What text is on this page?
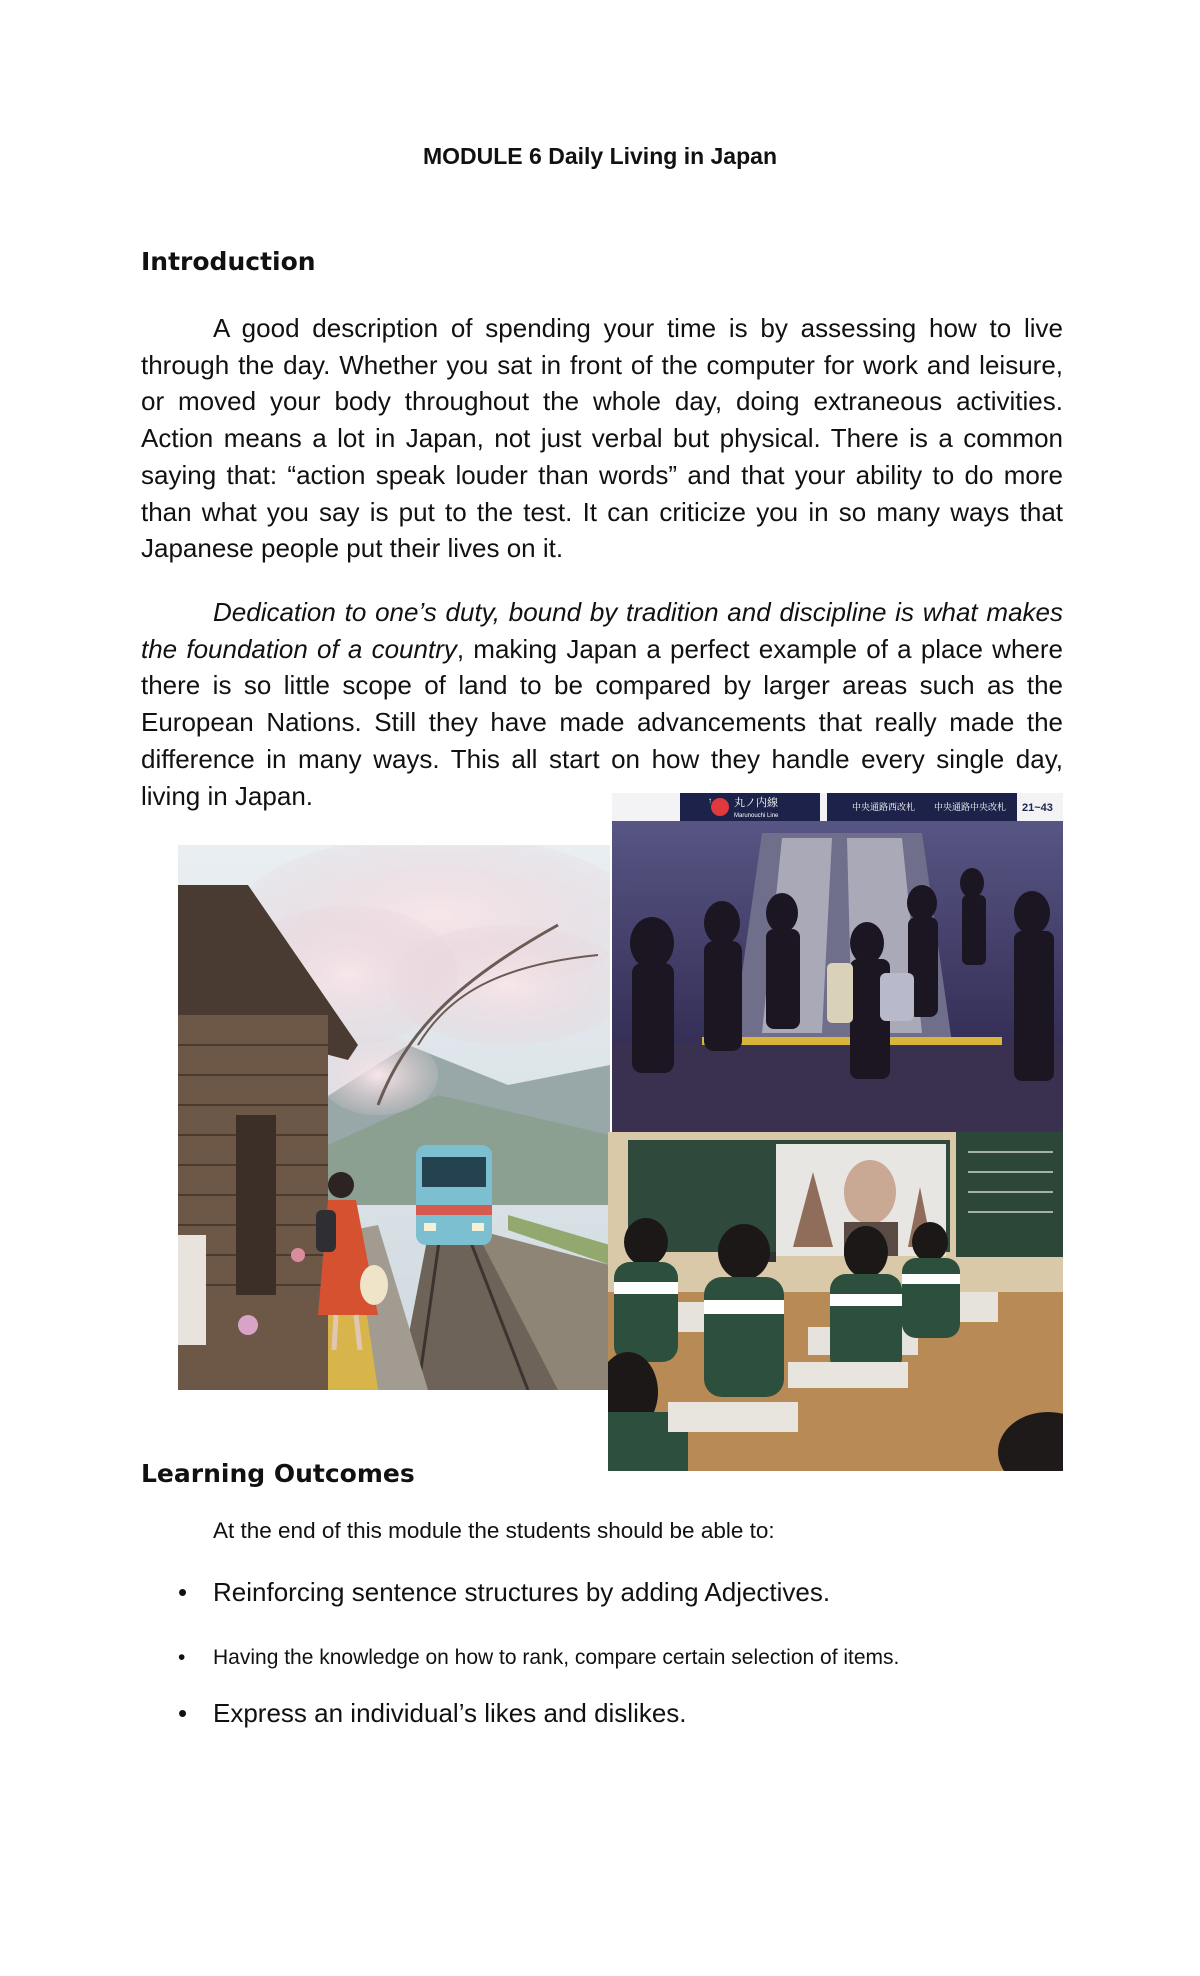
MODULE 6 Daily Living in Japan
Introduction

A good description of spending your time is by assessing how to live through the day. Whether you sat in front of the computer for work and leisure, or moved your body throughout the whole day, doing extraneous activities. Action means a lot in Japan, not just verbal but physical. There is a common saying that: “action speak louder than words” and that your ability to do more than what you say is put to the test. It can criticize you in so many ways that Japanese people put their lives on it.

Dedication to one’s duty, bound by tradition and discipline is what makes the foundation of a country, making Japan a perfect example of a place where there is so little scope of land to be compared by larger areas such as the European Nations. Still they have made advancements that really made the difference in many ways. This all start on how they handle every single day, living in Japan.	↑ 丸ノ内線
Marunouchi Line
中央通路西改札 中央通路中央改札 21~43
Learning Outcomes
At the end of this module the students should be able to:
• Reinforcing sentence structures by adding Adjectives.
• Having the knowledge on how to rank, compare certain selection of items.
• Express an individual’s likes and dislikes.
